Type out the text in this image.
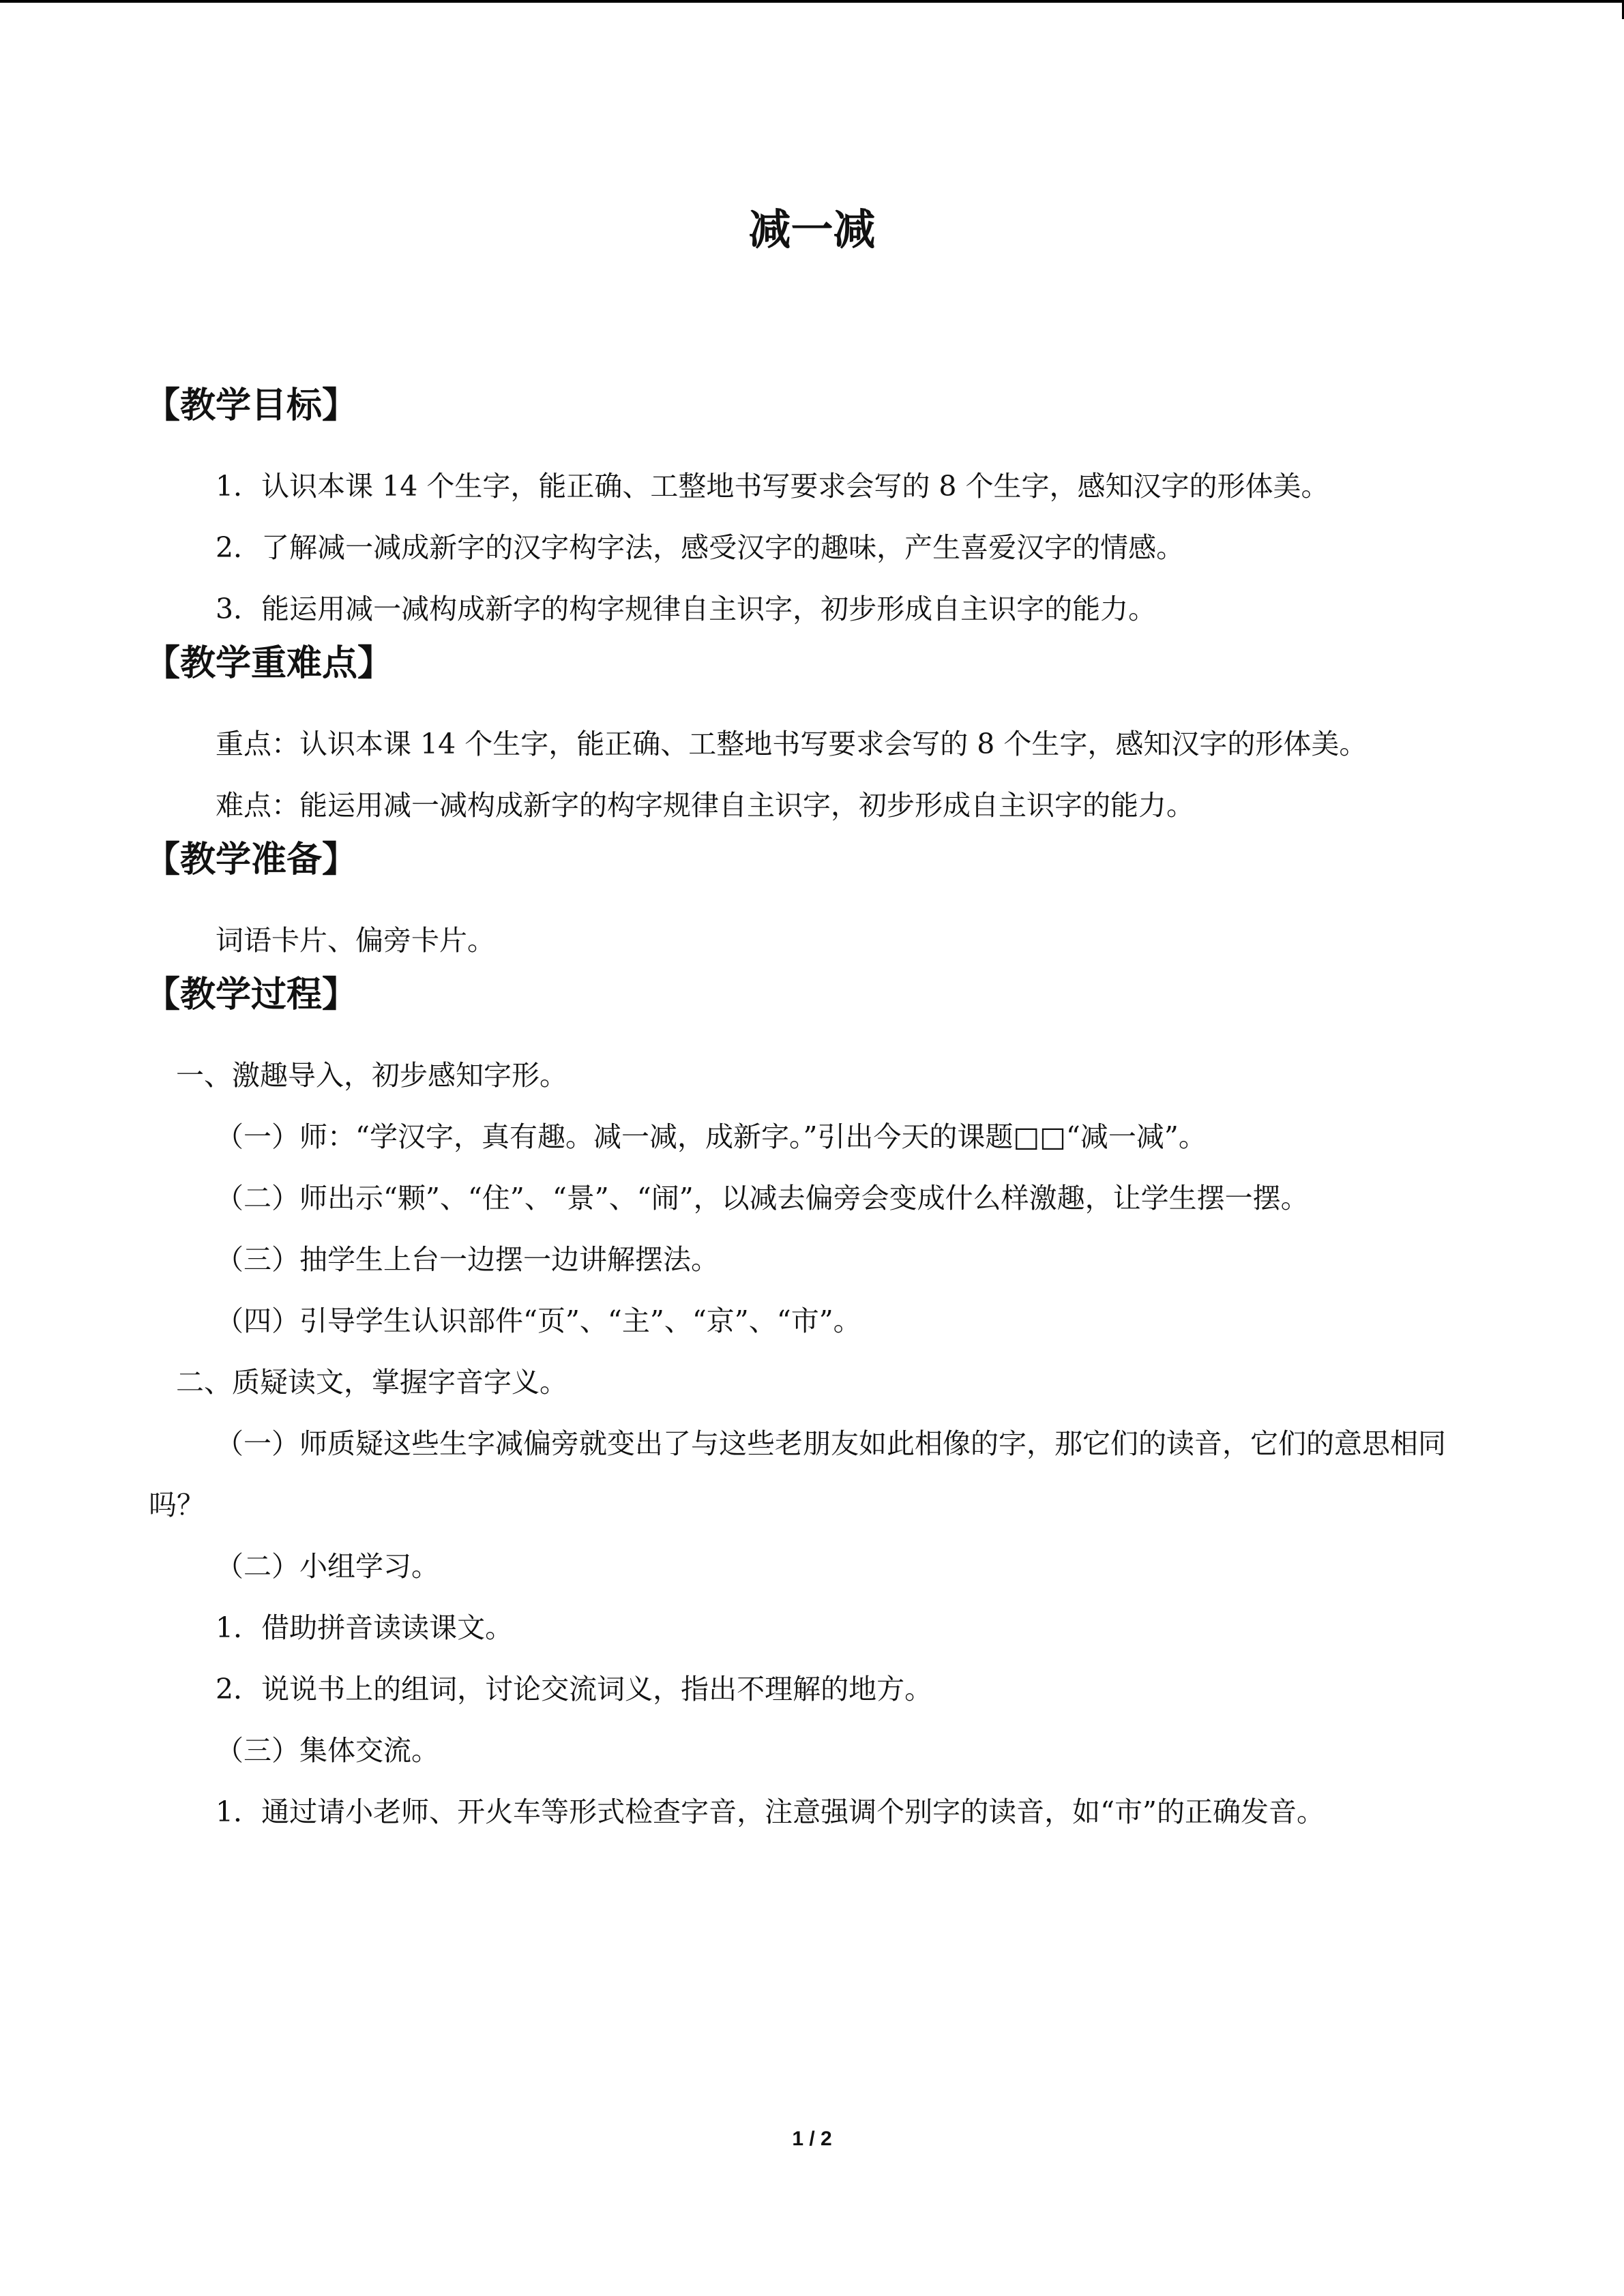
减一减
【教学目标】
1．认识本课 14 个生字，能正确、工整地书写要求会写的 8 个生字，感知汉字的形体美。
2．了解减一减成新字的汉字构字法，感受汉字的趣味，产生喜爱汉字的情感。
3．能运用减一减构成新字的构字规律自主识字，初步形成自主识字的能力。
【教学重难点】
重点：认识本课 14 个生字，能正确、工整地书写要求会写的 8 个生字，感知汉字的形体美。
难点：能运用减一减构成新字的构字规律自主识字，初步形成自主识字的能力。
【教学准备】
词语卡片、偏旁卡片。
【教学过程】
一、激趣导入，初步感知字形。
（一）师：“学汉字，真有趣。减一减，成新字。”引出今天的课题□□“减一减”。
（二）师出示“颗”、“住”、“景”、“闹”，以减去偏旁会变成什么样激趣，让学生摆一摆。
（三）抽学生上台一边摆一边讲解摆法。
（四）引导学生认识部件“页”、“主”、“京”、“市”。
二、质疑读文，掌握字音字义。
（一）师质疑这些生字减偏旁就变出了与这些老朋友如此相像的字，那它们的读音，它们的意思相同吗？
（二）小组学习。
1．借助拼音读读课文。
2．说说书上的组词，讨论交流词义，指出不理解的地方。
（三）集体交流。
1．通过请小老师、开火车等形式检查字音，注意强调个别字的读音，如“市”的正确发音。
1 / 2
